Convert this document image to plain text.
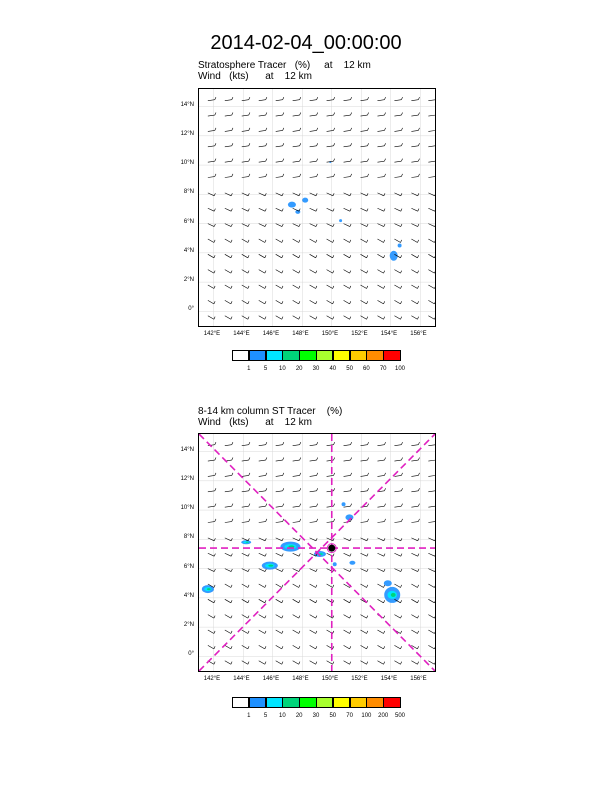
2014-02-04_00:00:00
Stratosphere Tracer   (%)     at    12 km
Wind   (kts)      at    12 km
14°N
12°N
10°N
8°N
6°N
4°N
2°N
0°
142°E 144°E 146°E 148°E 150°E 152°E 154°E 156°E
1 5 10 20 30 40 50 60 70 100
8-14 km column ST Tracer    (%)
Wind   (kts)      at    12 km
14°N
12°N
10°N
8°N
6°N
4°N
2°N
0°
142°E 144°E 146°E 148°E 150°E 152°E 154°E 156°E
1 5 10 20 30 50 70 100 200 500
